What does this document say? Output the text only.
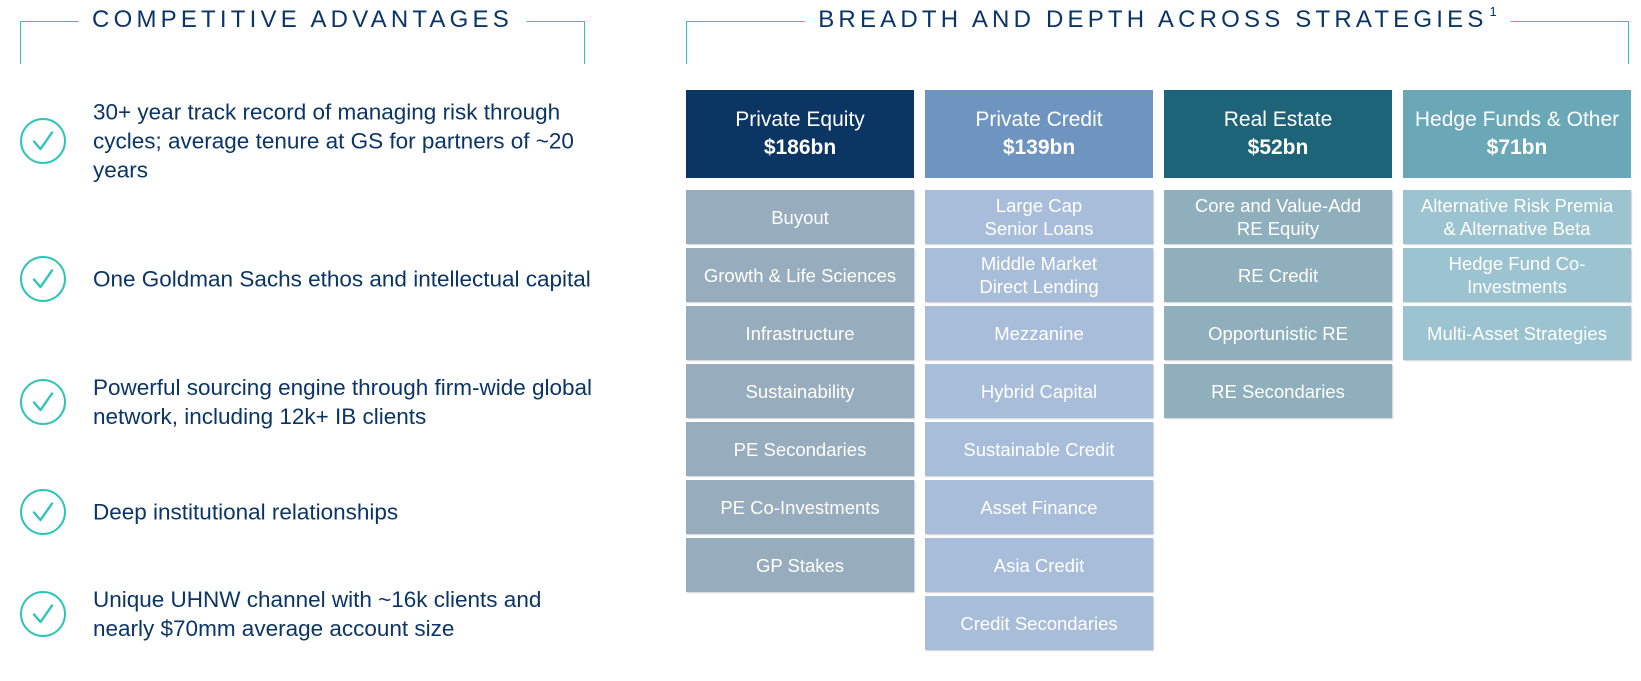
COMPETITIVE ADVANTAGES	BREADTH AND DEPTH ACROSS STRATEGIES $^1$
30+ year track record of managing risk through cycles; average tenure at GS for partners of ~20 years
One Goldman Sachs ethos and intellectual capital
Powerful sourcing engine through firm-wide global network, including 12k+ IB clients
Deep institutional relationships
Unique UHNW channel with ~16k clients and nearly $70mm average account size
Private Equity
$186bn
Buyout
Growth & Life Sciences
Infrastructure
Sustainability
PE Secondaries
PE Co-Investments
GP Stakes
Private Credit
$139bn
Large Cap
Senior Loans
Middle Market
Direct Lending
Mezzanine
Hybrid Capital
Sustainable Credit
Asset Finance
Asia Credit
Credit Secondaries
Real Estate
$52bn
Core and Value-Add
RE Equity
RE Credit
Opportunistic RE
RE Secondaries
Hedge Funds & Other
$71bn
Alternative Risk Premia
& Alternative Beta
Hedge Fund Co-
Investments
Multi-Asset Strategies
